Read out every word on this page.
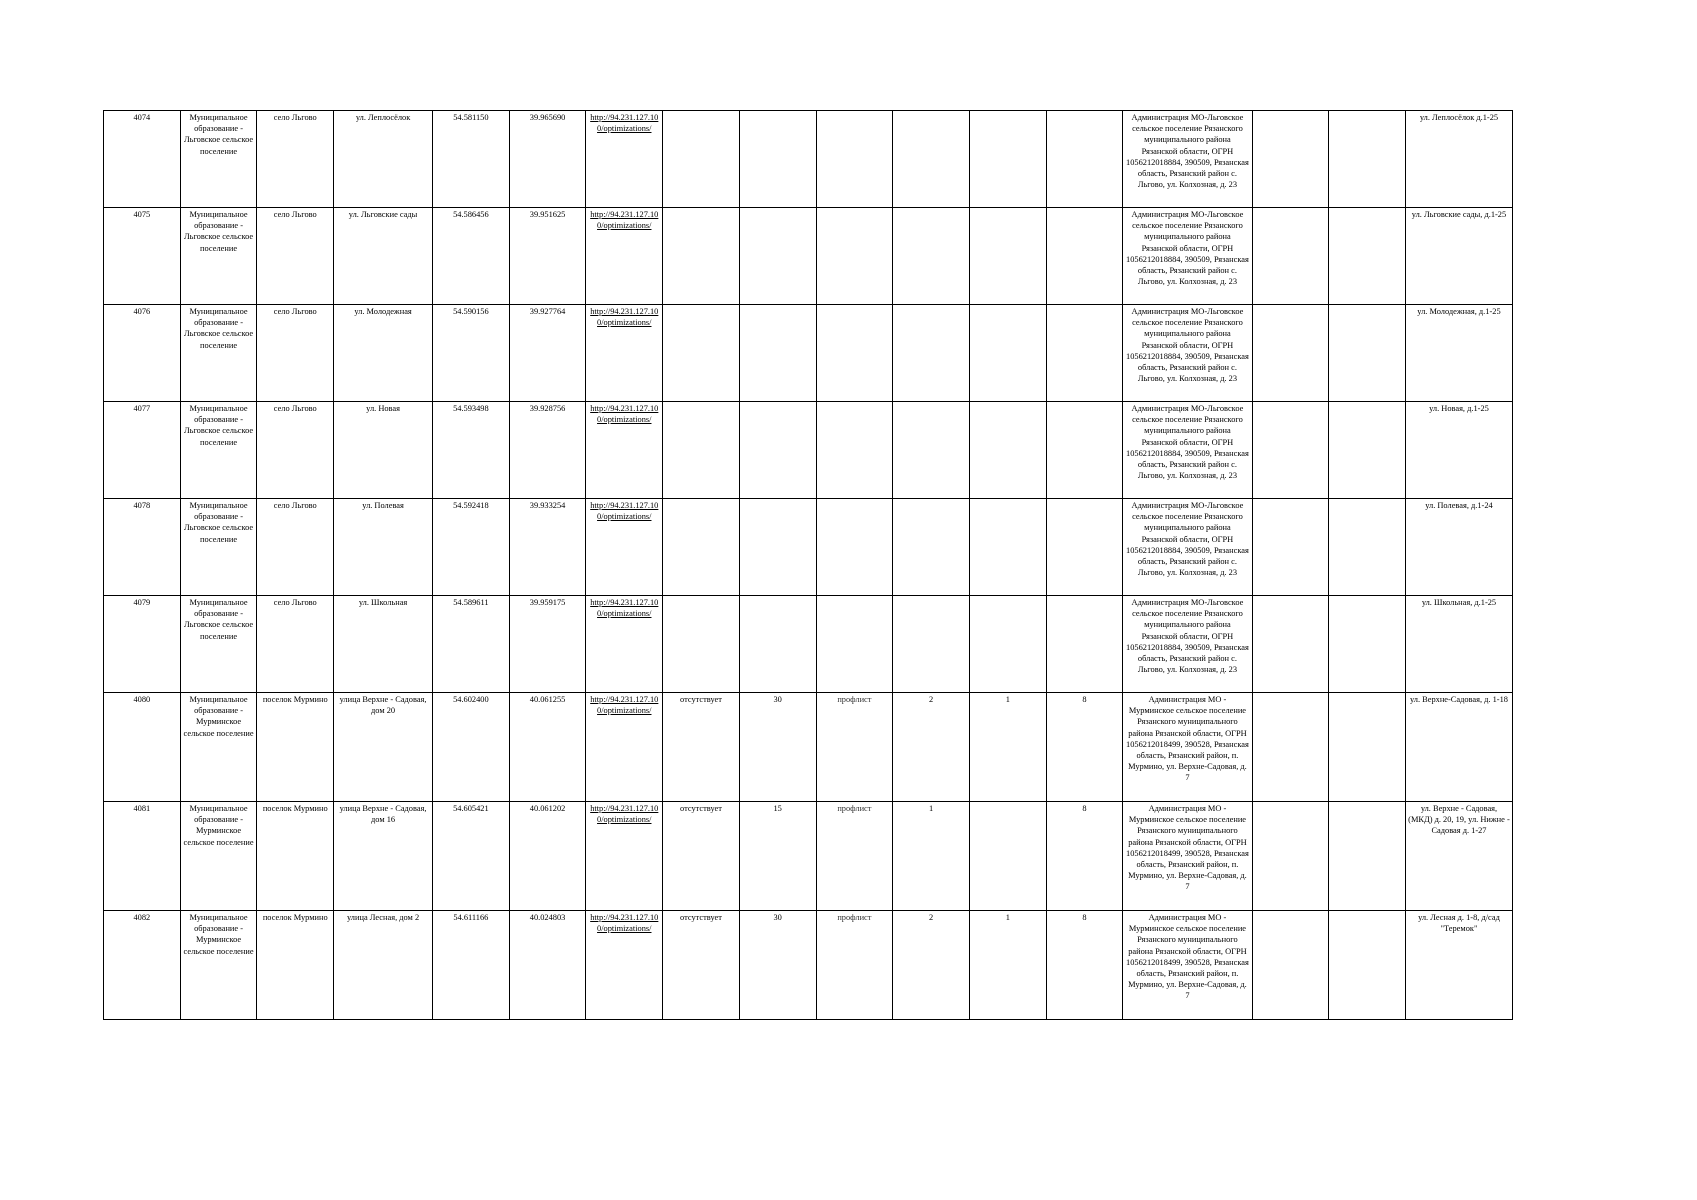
4074	Муниципальное образование - Льговское сельское поселение	село Льгово	ул. Леплосёлок	54.581150	39.965690	http://94.231.127.100/optimizations/							Администрация МО-Льговское сельское поселение Рязанского муниципального района Рязанской области, ОГРН 1056212018884, 390509, Рязанская область, Рязанский район с. Льгово, ул. Колхозная, д. 23			ул. Леплосёлок д.1-25
4075	Муниципальное образование - Льговское сельское поселение	село Льгово	ул. Льговские сады	54.586456	39.951625	http://94.231.127.100/optimizations/							Администрация МО-Льговское сельское поселение Рязанского муниципального района Рязанской области, ОГРН 1056212018884, 390509, Рязанская область, Рязанский район с. Льгово, ул. Колхозная, д. 23			ул. Льговские сады, д.1-25
4076	Муниципальное образование - Льговское сельское поселение	село Льгово	ул. Молодежная	54.590156	39.927764	http://94.231.127.100/optimizations/							Администрация МО-Льговское сельское поселение Рязанского муниципального района Рязанской области, ОГРН 1056212018884, 390509, Рязанская область, Рязанский район с. Льгово, ул. Колхозная, д. 23			ул. Молодежная, д.1-25
4077	Муниципальное образование - Льговское сельское поселение	село Льгово	ул. Новая	54.593498	39.928756	http://94.231.127.100/optimizations/							Администрация МО-Льговское сельское поселение Рязанского муниципального района Рязанской области, ОГРН 1056212018884, 390509, Рязанская область, Рязанский район с. Льгово, ул. Колхозная, д. 23			ул. Новая, д.1-25
4078	Муниципальное образование - Льговское сельское поселение	село Льгово	ул. Полевая	54.592418	39.933254	http://94.231.127.100/optimizations/							Администрация МО-Льговское сельское поселение Рязанского муниципального района Рязанской области, ОГРН 1056212018884, 390509, Рязанская область, Рязанский район с. Льгово, ул. Колхозная, д. 23			ул. Полевая, д.1-24
4079	Муниципальное образование - Льговское сельское поселение	село Льгово	ул. Школьная	54.589611	39.959175	http://94.231.127.100/optimizations/							Администрация МО-Льговское сельское поселение Рязанского муниципального района Рязанской области, ОГРН 1056212018884, 390509, Рязанская область, Рязанский район с. Льгово, ул. Колхозная, д. 23			ул. Школьная, д.1-25
4080	Муниципальное образование - Мурминское сельское поселение	поселок Мурмино	улица Верхне - Садовая, дом 20	54.602400	40.061255	http://94.231.127.100/optimizations/	отсутствует	30	профлист	2	1	8	Администрация МО - Мурминское сельское поселение Рязанского муниципального района Рязанской области, ОГРН 1056212018499, 390528, Рязанская область, Рязанский район, п. Мурмино, ул. Верхне-Садовая, д. 7			ул. Верхне-Садовая, д. 1-18
4081	Муниципальное образование - Мурминское сельское поселение	поселок Мурмино	улица Верхне - Садовая, дом 16	54.605421	40.061202	http://94.231.127.100/optimizations/	отсутствует	15	профлист	1		8	Администрация МО - Мурминское сельское поселение Рязанского муниципального района Рязанской области, ОГРН 1056212018499, 390528, Рязанская область, Рязанский район, п. Мурмино, ул. Верхне-Садовая, д. 7			ул. Верхне - Садовая, (МКД) д. 20, 19, ул. Нижне - Садовая д. 1-27
4082	Муниципальное образование - Мурминское сельское поселение	поселок Мурмино	улица Лесная, дом 2	54.611166	40.024803	http://94.231.127.100/optimizations/	отсутствует	30	профлист	2	1	8	Администрация МО - Мурминское сельское поселение Рязанского муниципального района Рязанской области, ОГРН 1056212018499, 390528, Рязанская область, Рязанский район, п. Мурмино, ул. Верхне-Садовая, д. 7			ул. Лесная д. 1-8, д/сад "Теремок"
